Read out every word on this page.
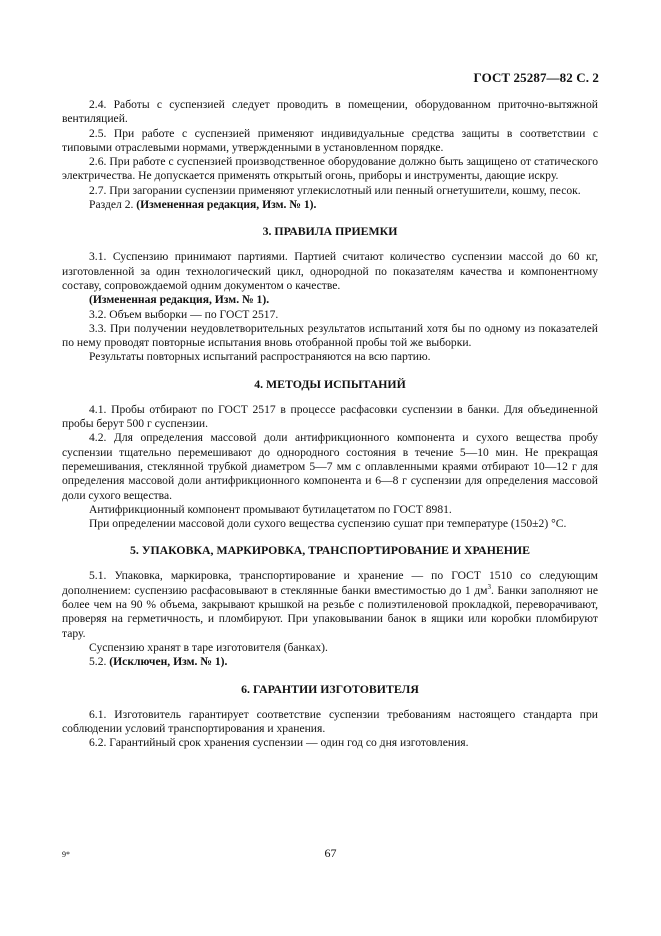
ГОСТ 25287—82 С. 2

2.4. Работы с суспензией следует проводить в помещении, оборудованном приточно-вытяжной вентиляцией.

2.5. При работе с суспензией применяют индивидуальные средства защиты в соответствии с типовыми отраслевыми нормами, утвержденными в установленном порядке.

2.6. При работе с суспензией производственное оборудование должно быть защищено от статического электричества. Не допускается применять открытый огонь, приборы и инструменты, дающие искру.

2.7. При загорании суспензии применяют углекислотный или пенный огнетушители, кошму, песок.

Раздел 2. (Измененная редакция, Изм. № 1).

3. ПРАВИЛА ПРИЕМКИ

3.1. Суспензию принимают партиями. Партией считают количество суспензии массой до 60 кг, изготовленной за один технологический цикл, однородной по показателям качества и компонентному составу, сопровождаемой одним документом о качестве.

(Измененная редакция, Изм. № 1).

3.2. Объем выборки — по ГОСТ 2517.

3.3. При получении неудовлетворительных результатов испытаний хотя бы по одному из показателей по нему проводят повторные испытания вновь отобранной пробы той же выборки.

Результаты повторных испытаний распространяются на всю партию.

4. МЕТОДЫ ИСПЫТАНИЙ

4.1. Пробы отбирают по ГОСТ 2517 в процессе расфасовки суспензии в банки. Для объединенной пробы берут 500 г суспензии.

4.2. Для определения массовой доли антифрикционного компонента и сухого вещества пробу суспензии тщательно перемешивают до однородного состояния в течение 5—10 мин. Не прекращая перемешивания, стеклянной трубкой диаметром 5—7 мм с оплавленными краями отбирают 10—12 г для определения массовой доли антифрикционного компонента и 6—8 г суспензии для определения массовой доли сухого вещества.

Антифрикционный компонент промывают бутилацетатом по ГОСТ 8981.

При определении массовой доли сухого вещества суспензию сушат при температуре (150±2) °С.

5. УПАКОВКА, МАРКИРОВКА, ТРАНСПОРТИРОВАНИЕ И ХРАНЕНИЕ

5.1. Упаковка, маркировка, транспортирование и хранение — по ГОСТ 1510 со следующим дополнением: суспензию расфасовывают в стеклянные банки вместимостью до 1 $дм^3$. Банки заполняют не более чем на 90 % объема, закрывают крышкой на резьбе с полиэтиленовой прокладкой, переворачивают, проверяя на герметичность, и пломбируют. При упаковывании банок в ящики или коробки пломбируют тару.

Суспензию хранят в таре изготовителя (банках).

5.2. (Исключен, Изм. № 1).

6. ГАРАНТИИ ИЗГОТОВИТЕЛЯ

6.1. Изготовитель гарантирует соответствие суспензии требованиям настоящего стандарта при соблюдении условий транспортирования и хранения.

6.2. Гарантийный срок хранения суспензии — один год со дня изготовления.

9*	67
